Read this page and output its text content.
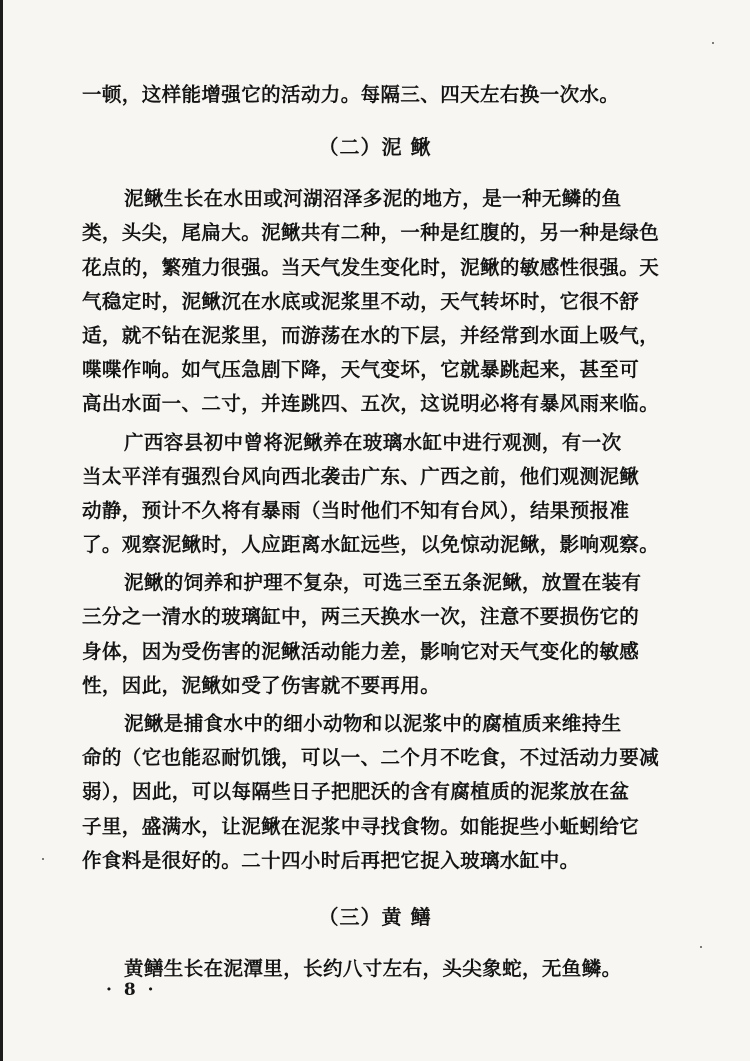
一顿，这样能增强它的活动力。每隔三、四天左右换一次水。
（二）泥 鳅
泥鳅生长在水田或河湖沼泽多泥的地方，是一种无鳞的鱼
类，头尖，尾扁大。泥鳅共有二种，一种是红腹的，另一种是绿色
花点的，繁殖力很强。当天气发生变化时，泥鳅的敏感性很强。天
气稳定时，泥鳅沉在水底或泥浆里不动，天气转坏时，它很不舒
适，就不钻在泥浆里，而游荡在水的下层，并经常到水面上吸气，
喋喋作响。如气压急剧下降，天气变坏，它就暴跳起来，甚至可
高出水面一、二寸，并连跳四、五次，这说明必将有暴风雨来临。
广西容县初中曾将泥鳅养在玻璃水缸中进行观测，有一次
当太平洋有强烈台风向西北袭击广东、广西之前，他们观测泥鳅
动静，预计不久将有暴雨（当时他们不知有台风），结果预报准
了。观察泥鳅时，人应距离水缸远些，以免惊动泥鳅，影响观察。
泥鳅的饲养和护理不复杂，可选三至五条泥鳅，放置在装有
三分之一清水的玻璃缸中，两三天换水一次，注意不要损伤它的
身体，因为受伤害的泥鳅活动能力差，影响它对天气变化的敏感
性，因此，泥鳅如受了伤害就不要再用。
泥鳅是捕食水中的细小动物和以泥浆中的腐植质来维持生
命的（它也能忍耐饥饿，可以一、二个月不吃食，不过活动力要减
弱），因此，可以每隔些日子把肥沃的含有腐植质的泥浆放在盆
子里，盛满水，让泥鳅在泥浆中寻找食物。如能捉些小蚯蚓给它
作食料是很好的。二十四小时后再把它捉入玻璃水缸中。
（三）黄 鳝
黄鳝生长在泥潭里，长约八寸左右，头尖象蛇，无鱼鳞。
· 8 ·
